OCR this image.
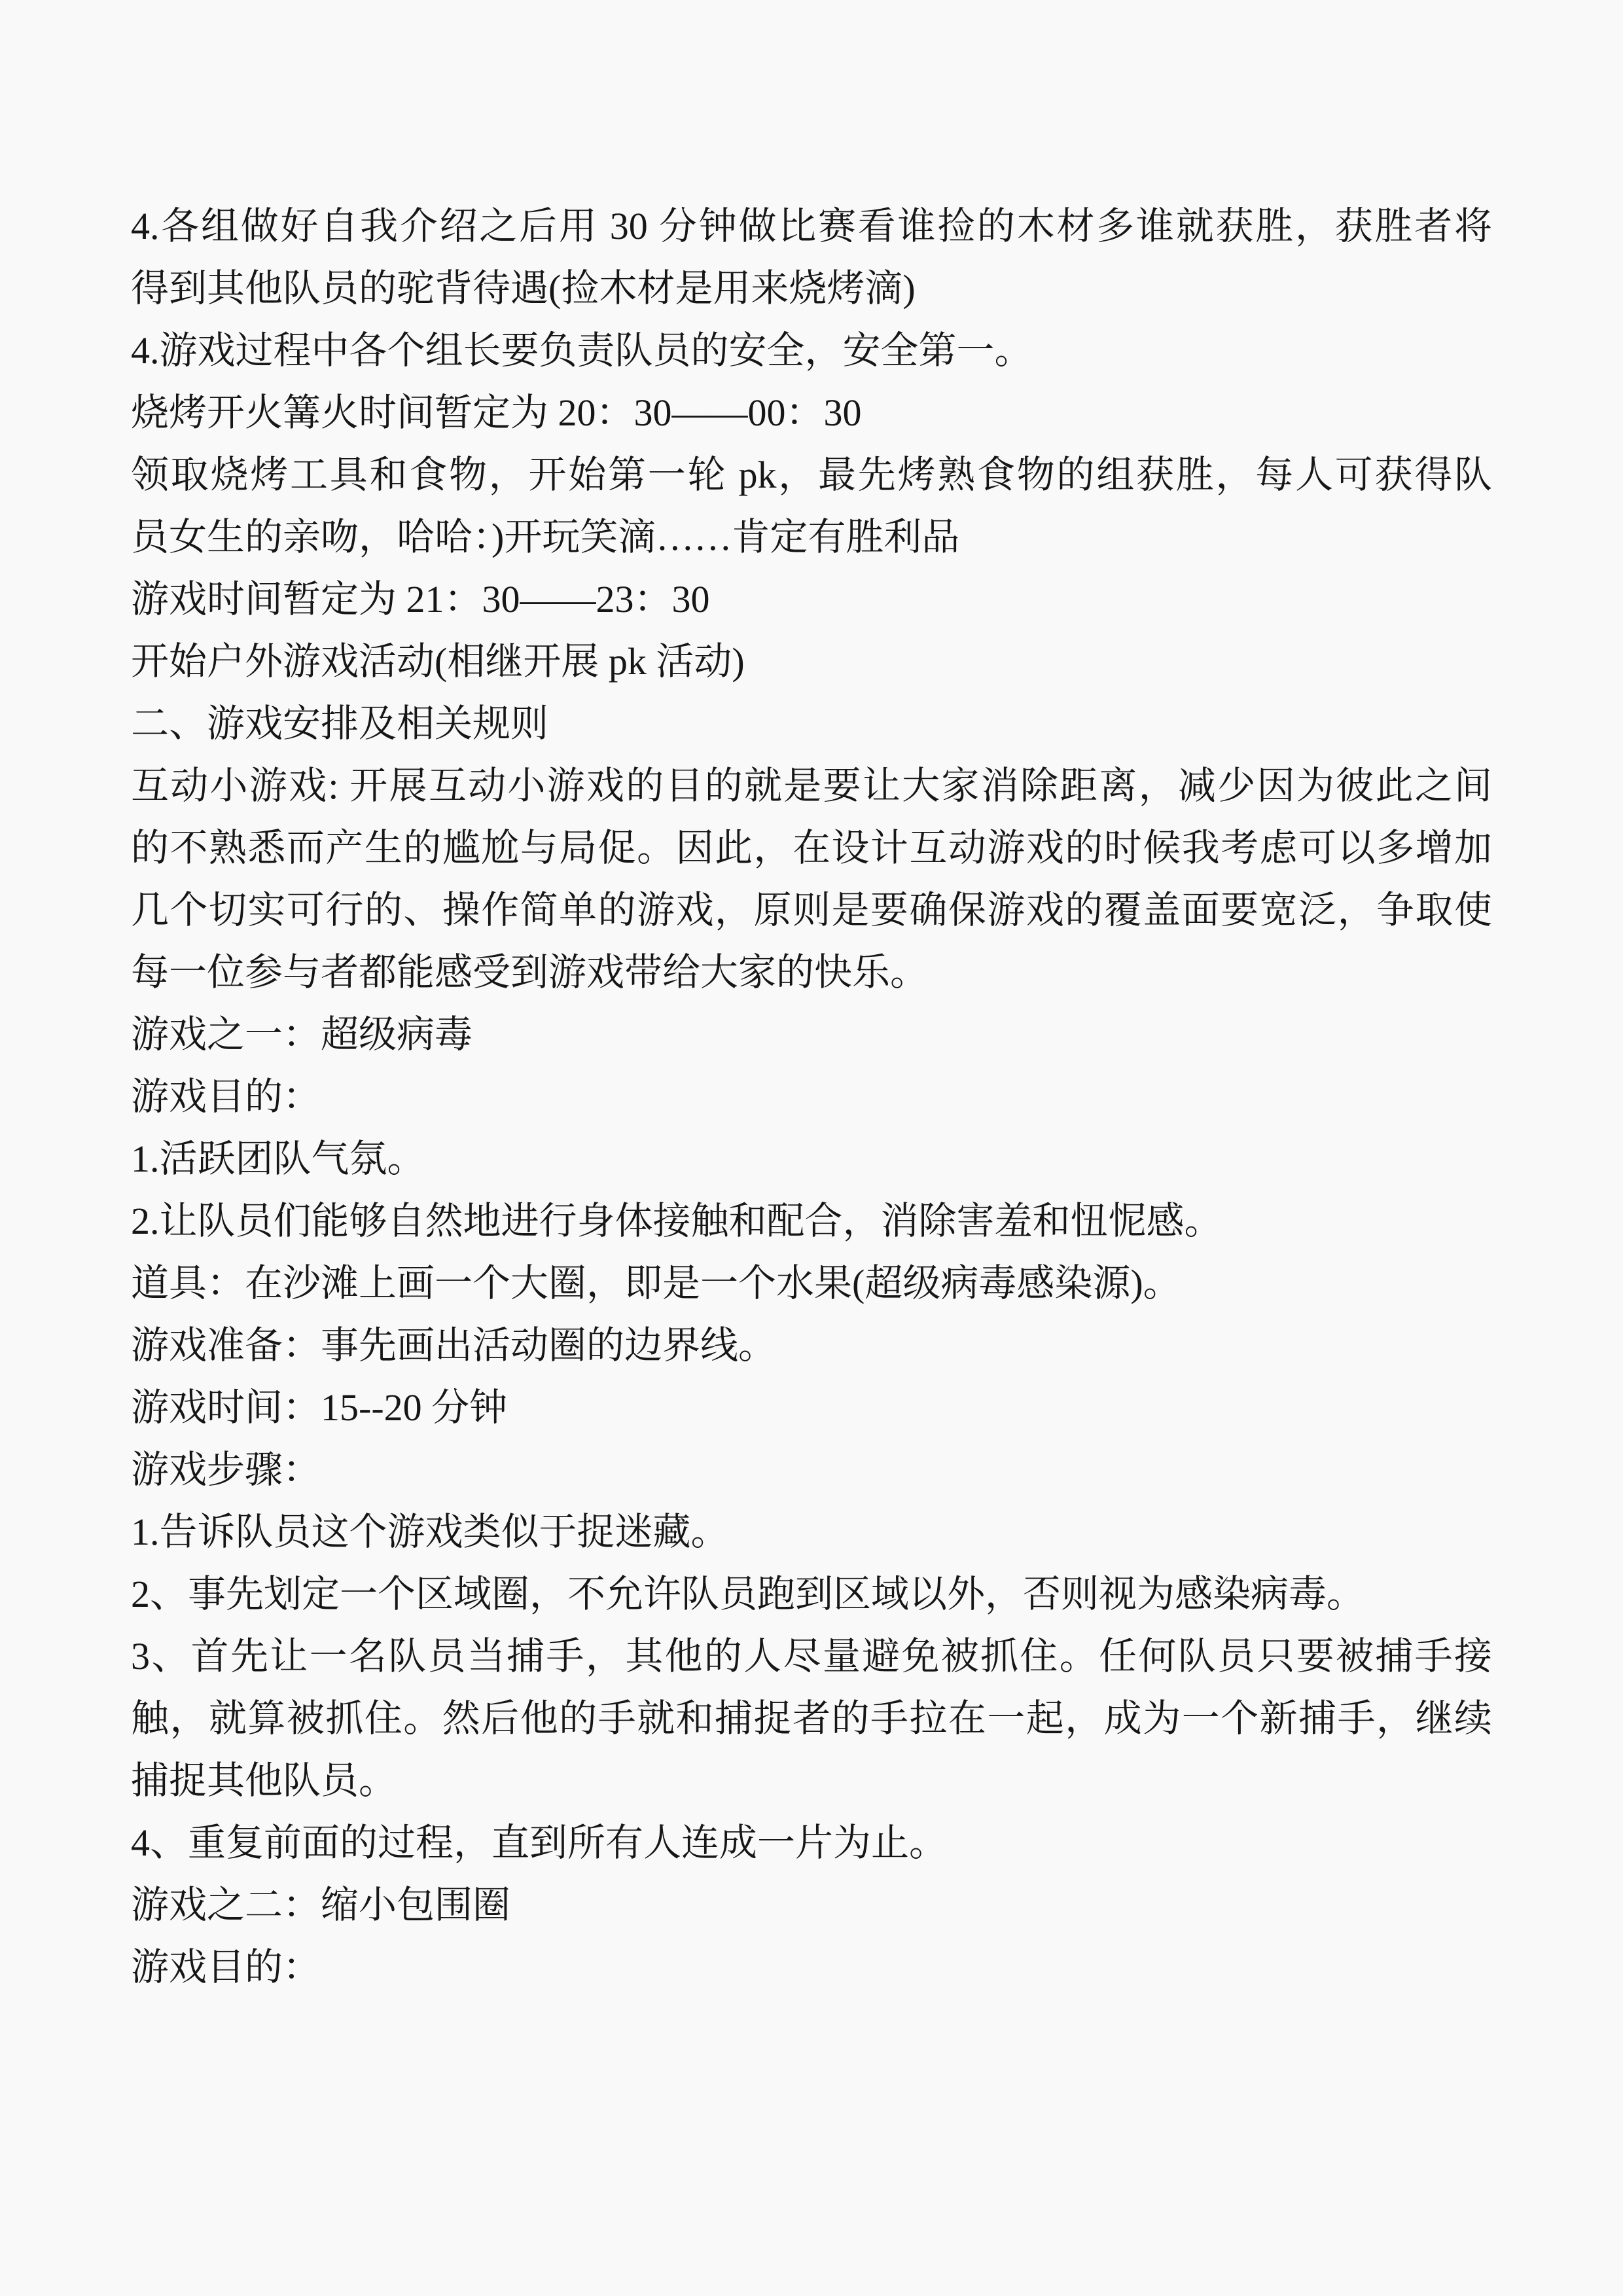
4.各组做好自我介绍之后用 30 分钟做比赛看谁捡的木材多谁就获胜，获胜者将
得到其他队员的驼背待遇(捡木材是用来烧烤滴)
4.游戏过程中各个组长要负责队员的安全，安全第一。
烧烤开火篝火时间暂定为 20：30——00：30
领取烧烤工具和食物，开始第一轮 pk，最先烤熟食物的组获胜，每人可获得队
员女生的亲吻，哈哈：)开玩笑滴……肯定有胜利品
游戏时间暂定为 21：30——23：30
开始户外游戏活动(相继开展 pk 活动)
二、游戏安排及相关规则
互动小游戏: 开展互动小游戏的目的就是要让大家消除距离，减少因为彼此之间
的不熟悉而产生的尴尬与局促。因此，在设计互动游戏的时候我考虑可以多增加
几个切实可行的、操作简单的游戏，原则是要确保游戏的覆盖面要宽泛，争取使
每一位参与者都能感受到游戏带给大家的快乐。
游戏之一：超级病毒
游戏目的：
1.活跃团队气氛。
2.让队员们能够自然地进行身体接触和配合，消除害羞和忸怩感。
道具：在沙滩上画一个大圈，即是一个水果(超级病毒感染源)。
游戏准备：事先画出活动圈的边界线。
游戏时间：15--20 分钟
游戏步骤：
1.告诉队员这个游戏类似于捉迷藏。
2、事先划定一个区域圈，不允许队员跑到区域以外，否则视为感染病毒。
3、首先让一名队员当捕手，其他的人尽量避免被抓住。任何队员只要被捕手接
触，就算被抓住。然后他的手就和捕捉者的手拉在一起，成为一个新捕手，继续
捕捉其他队员。
4、重复前面的过程，直到所有人连成一片为止。
游戏之二：缩小包围圈
游戏目的：
